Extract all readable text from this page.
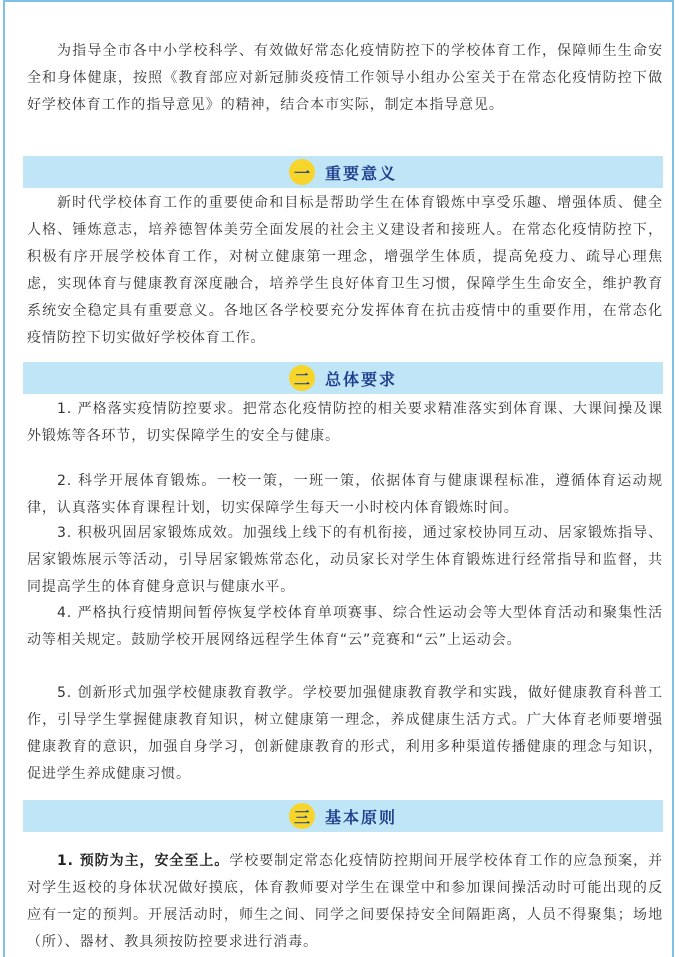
为指导全市各中小学校科学、有效做好常态化疫情防控下的学校体育工作，保障师生生命安全和身体健康，按照《教育部应对新冠肺炎疫情工作领导小组办公室关于在常态化疫情防控下做好学校体育工作的指导意见》的精神，结合本市实际，制定本指导意见。

一 重要意义

新时代学校体育工作的重要使命和目标是帮助学生在体育锻炼中享受乐趣、增强体质、健全人格、锤炼意志，培养德智体美劳全面发展的社会主义建设者和接班人。在常态化疫情防控下，积极有序开展学校体育工作，对树立健康第一理念，增强学生体质，提高免疫力、疏导心理焦虑，实现体育与健康教育深度融合，培养学生良好体育卫生习惯，保障学生生命安全，维护教育系统安全稳定具有重要意义。各地区各学校要充分发挥体育在抗击疫情中的重要作用，在常态化疫情防控下切实做好学校体育工作。

二 总体要求

1. 严格落实疫情防控要求。把常态化疫情防控的相关要求精准落实到体育课、大课间操及课外锻炼等各环节，切实保障学生的安全与健康。

2. 科学开展体育锻炼。一校一策，一班一策，依据体育与健康课程标准，遵循体育运动规律，认真落实体育课程计划，切实保障学生每天一小时校内体育锻炼时间。

3. 积极巩固居家锻炼成效。加强线上线下的有机衔接，通过家校协同互动、居家锻炼指导、居家锻炼展示等活动，引导居家锻炼常态化，动员家长对学生体育锻炼进行经常指导和监督，共同提高学生的体育健身意识与健康水平。

4. 严格执行疫情期间暂停恢复学校体育单项赛事、综合性运动会等大型体育活动和聚集性活动等相关规定。鼓励学校开展网络远程学生体育“云”竞赛和“云”上运动会。

5. 创新形式加强学校健康教育教学。学校要加强健康教育教学和实践，做好健康教育科普工作，引导学生掌握健康教育知识，树立健康第一理念，养成健康生活方式。广大体育老师要增强健康教育的意识，加强自身学习，创新健康教育的形式，利用多种渠道传播健康的理念与知识，促进学生养成健康习惯。

三 基本原则

1. 预防为主，安全至上。学校要制定常态化疫情防控期间开展学校体育工作的应急预案，并对学生返校的身体状况做好摸底，体育教师要对学生在课堂中和参加课间操活动时可能出现的反应有一定的预判。开展活动时，师生之间、同学之间要保持安全间隔距离，人员不得聚集；场地（所）、器材、教具须按防控要求进行消毒。
